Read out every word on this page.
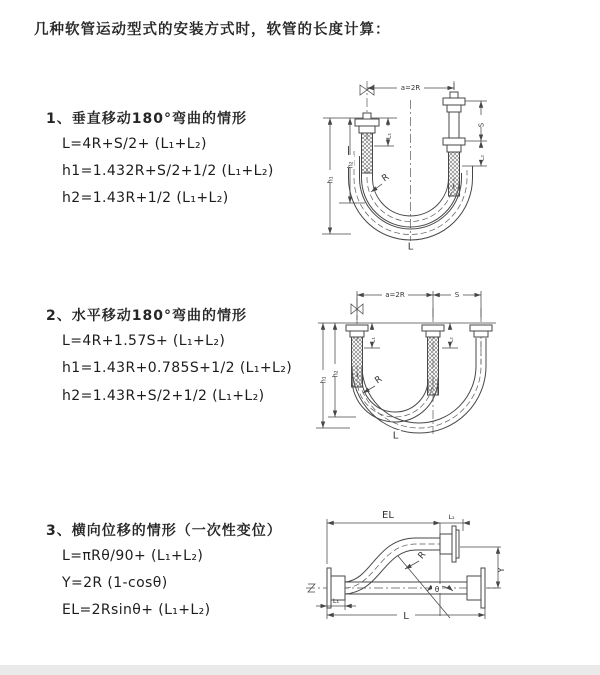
几种软管运动型式的安装方式时，软管的长度计算：
1、垂直移动180°弯曲的情形
L=4R+S/2+ (L₁+L₂)
h1=1.432R+S/2+1/2 (L₁+L₂)
h2=1.43R+1/2 (L₁+L₂)
2、水平移动180°弯曲的情形
L=4R+1.57S+ (L₁+L₂)
h1=1.43R+0.785S+1/2 (L₁+L₂)
h2=1.43R+S/2+1/2 (L₁+L₂)
3、横向位移的情形（一次性变位）
L=πRθ/90+ (L₁+L₂)
Y=2R (1-cosθ)
EL=2Rsinθ+ (L₁+L₂)
a=2R
S
L₂
L₁
h₂
h₁	R
L
a=2R	S
h₁
h₂
L₁	L₂
R
L
EL	L₂
Y
L
L₁
R
θ
